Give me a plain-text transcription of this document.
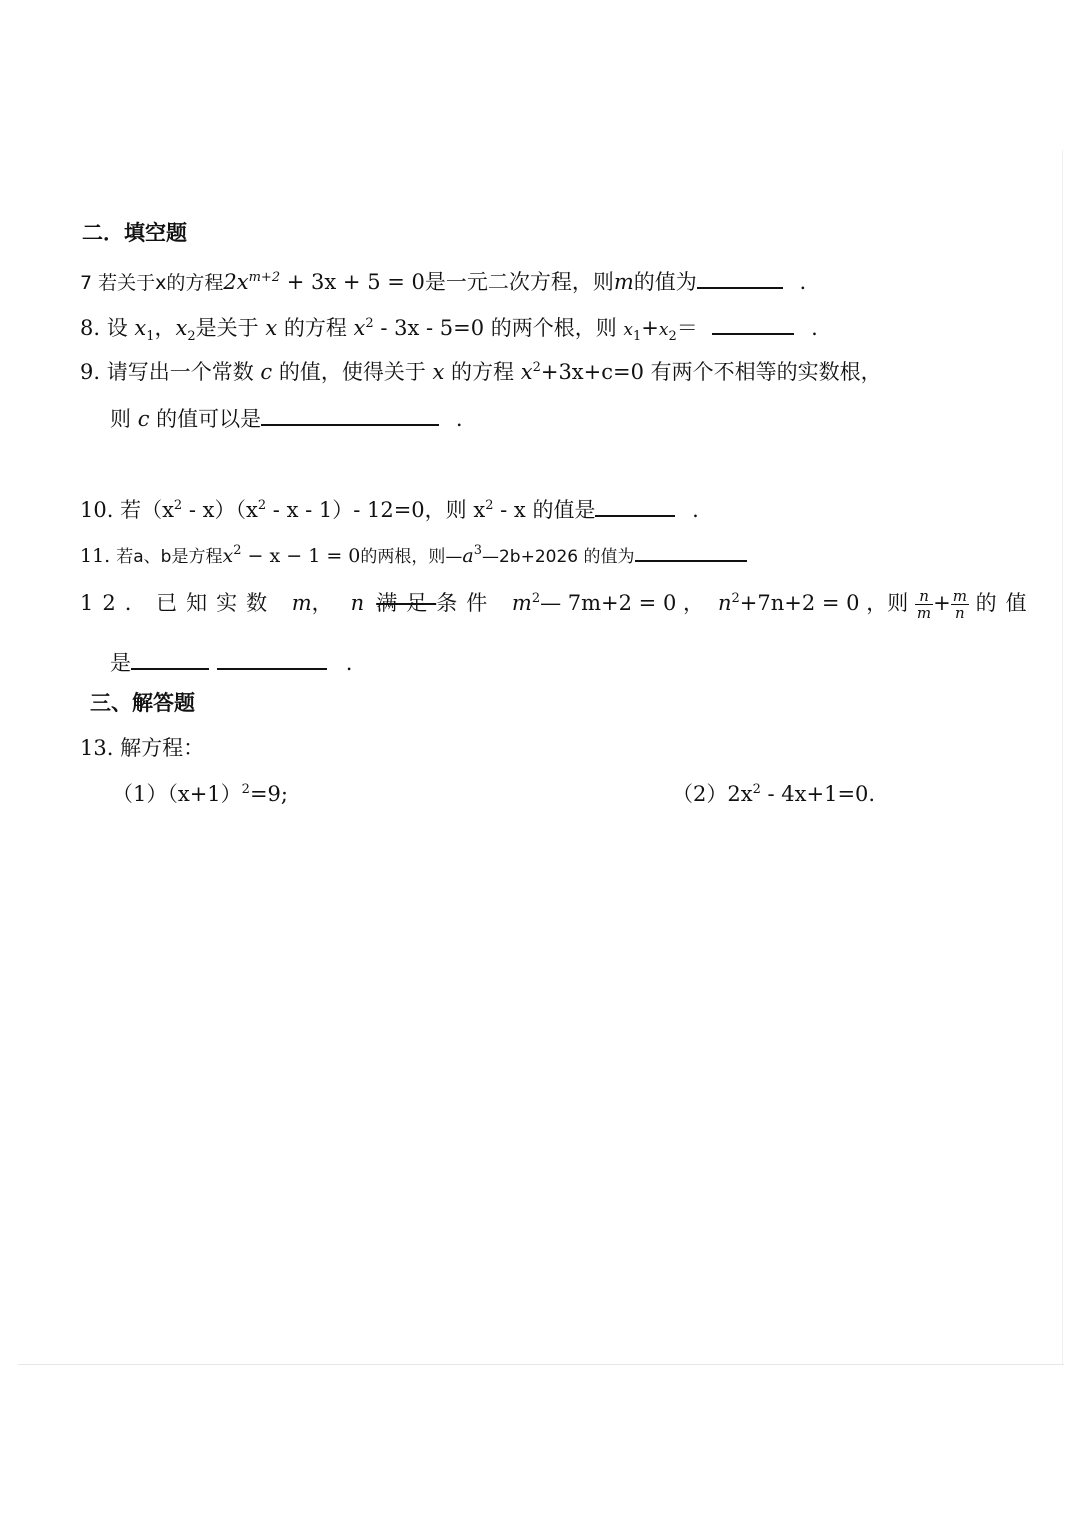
二．填空题
7 若关于x的方程$2x^{m+2} + 3x + 5 = 0$是一元二次方程，则m的值为	.
8. 设 $x_1$，$x_2$是关于 x 的方程 $x^2 - 3x - 5=0$ 的两个根，则 $x_1+x_2=$	.
9. 请写出一个常数 c 的值，使得关于 x 的方程 $x^2+3x+c=0$ 有两个不相等的实数根，
则 c 的值可以是	.
10. 若$(x^2 - x)(x^2$ - x - 1）- 12=0，则 $x^2$ - x 的值是	.
11. 若a、b是方程$x^2 - x - 1 = 0$的两根，则$—a^3—2b+2026$ 的值为
12. 已知实数 m， n 满足条件 $m^2—$ 7m+2 = 0 ， $n^2+7n+2 = 0$ ，则 $\frac{n}{m} + \frac{m}{n}$ 的值
是	.
三、解答题
13. 解方程：
$(1)(x+1)^2=9$;	$(2)2x^2 - 4x+1=0$.
